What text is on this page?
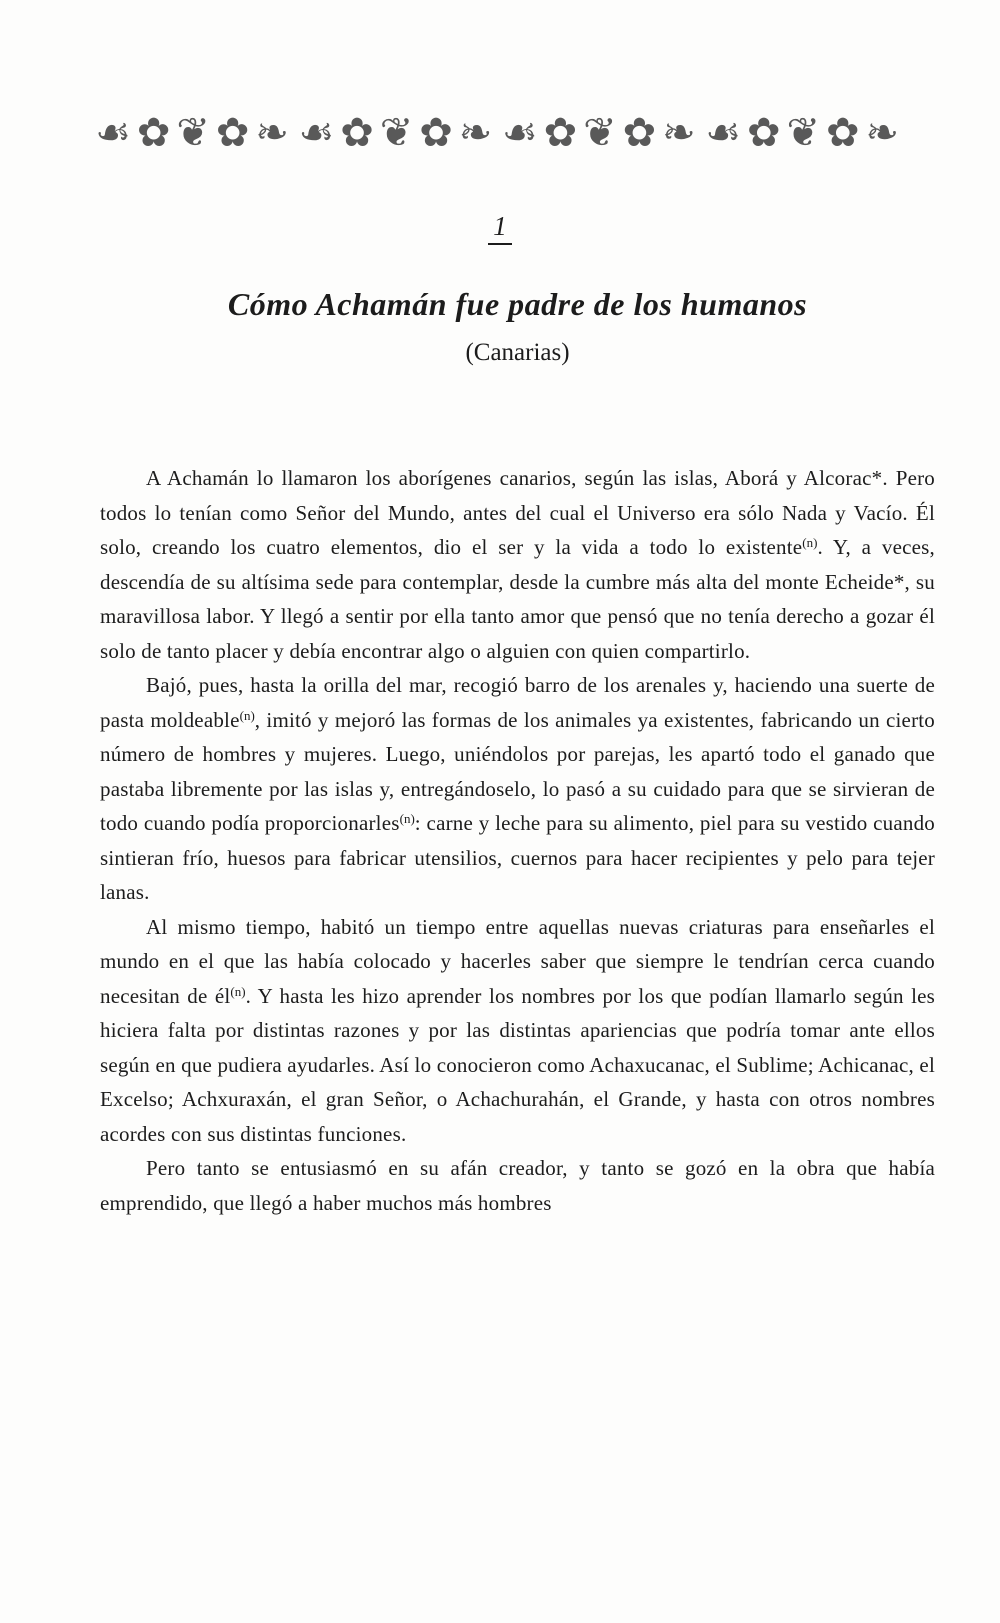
☙✿❦✿❧ ☙✿❦✿❧ ☙✿❦✿❧ ☙✿❦✿❧
1
Cómo Achamán fue padre de los humanos
(Canarias)

A Achamán lo llamaron los aborígenes canarios, según las islas, Aborá y Alcorac*. Pero todos lo tenían como Señor del Mundo, antes del cual el Universo era sólo Nada y Vacío. Él solo, creando los cuatro elementos, dio el ser y la vida a todo lo existente$^{(n)}$. Y, a veces, descendía de su altísima sede para contemplar, desde la cumbre más alta del monte Echeide*, su maravillosa labor. Y llegó a sentir por ella tanto amor que pensó que no tenía derecho a gozar él solo de tanto placer y debía encontrar algo o alguien con quien compartirlo.

Bajó, pues, hasta la orilla del mar, recogió barro de los arenales y, haciendo una suerte de pasta moldeable$^{(n)}$, imitó y mejoró las formas de los animales ya existentes, fabricando un cierto número de hombres y mujeres. Luego, uniéndolos por parejas, les apartó todo el ganado que pastaba libremente por las islas y, entregándoselo, lo pasó a su cuidado para que se sirvieran de todo cuando podía proporcionarles$^{(n)}$: carne y leche para su alimento, piel para su vestido cuando sintieran frío, huesos para fabricar utensilios, cuernos para hacer recipientes y pelo para tejer lanas.

Al mismo tiempo, habitó un tiempo entre aquellas nuevas criaturas para enseñarles el mundo en el que las había colocado y hacerles saber que siempre le tendrían cerca cuando necesitan de $él^{(n)}$. Y hasta les hizo aprender los nombres por los que podían llamarlo según les hiciera falta por distintas razones y por las distintas apariencias que podría tomar ante ellos según en que pudiera ayudarles. Así lo conocieron como Achaxucanac, el Sublime; Achicanac, el Excelso; Achxuraxán, el gran Señor, o Achachurahán, el Grande, y hasta con otros nombres acordes con sus distintas funciones.

Pero tanto se entusiasmó en su afán creador, y tanto se gozó en la obra que había emprendido, que llegó a haber muchos más hombres
